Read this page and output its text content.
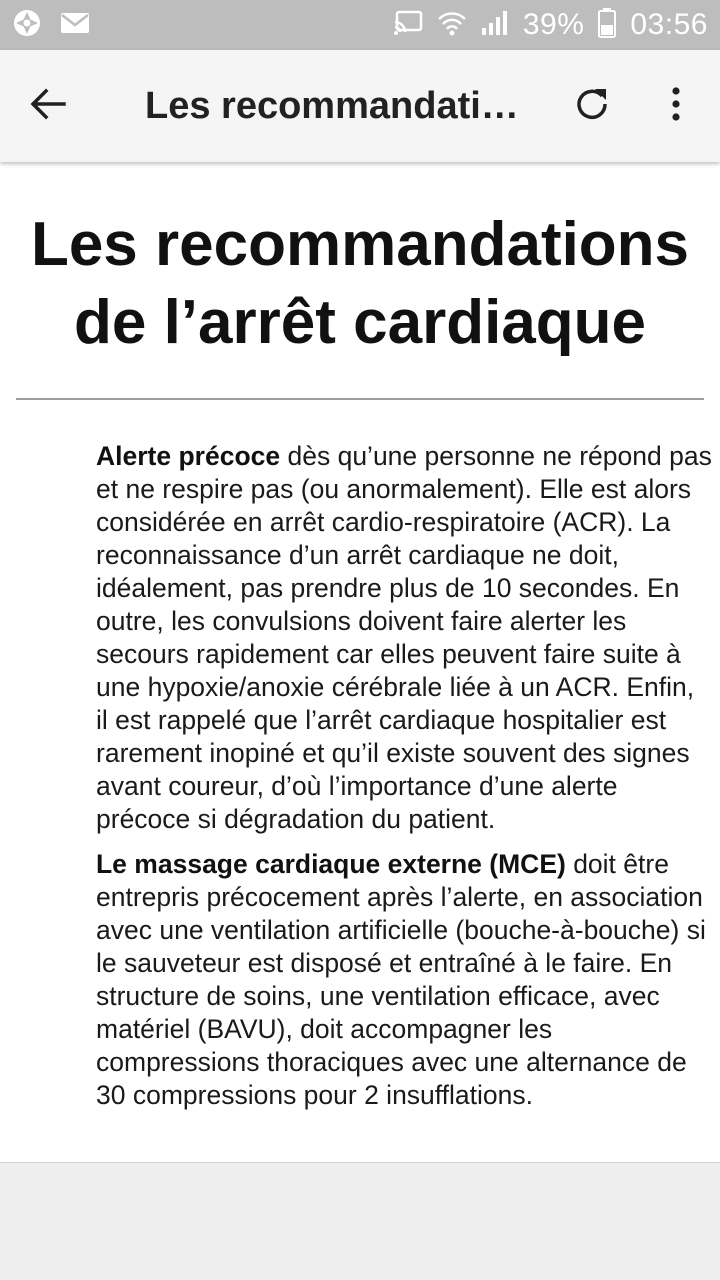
39% 03:56
Les recommandati…
Les recommandations de l’arrêt cardiaque

Alerte précoce dès qu’une personne ne répond pas et ne respire pas (ou anormalement). Elle est alors considérée en arrêt cardio-respiratoire (ACR). La reconnaissance d’un arrêt cardiaque ne doit, idéalement, pas prendre plus de 10 secondes. En outre, les convulsions doivent faire alerter les secours rapidement car elles peuvent faire suite à une hypoxie/anoxie cérébrale liée à un ACR. Enfin, il est rappelé que l’arrêt cardiaque hospitalier est rarement inopiné et qu’il existe souvent des signes avant coureur, d’où l’importance d’une alerte précoce si dégradation du patient.

Le massage cardiaque externe (MCE) doit être entrepris précocement après l’alerte, en association avec une ventilation artificielle (bouche-à-bouche) si le sauveteur est disposé et entraîné à le faire. En structure de soins, une ventilation efficace, avec matériel (BAVU), doit accompagner les compressions thoraciques avec une alternance de 30 compressions pour 2 insufflations.
